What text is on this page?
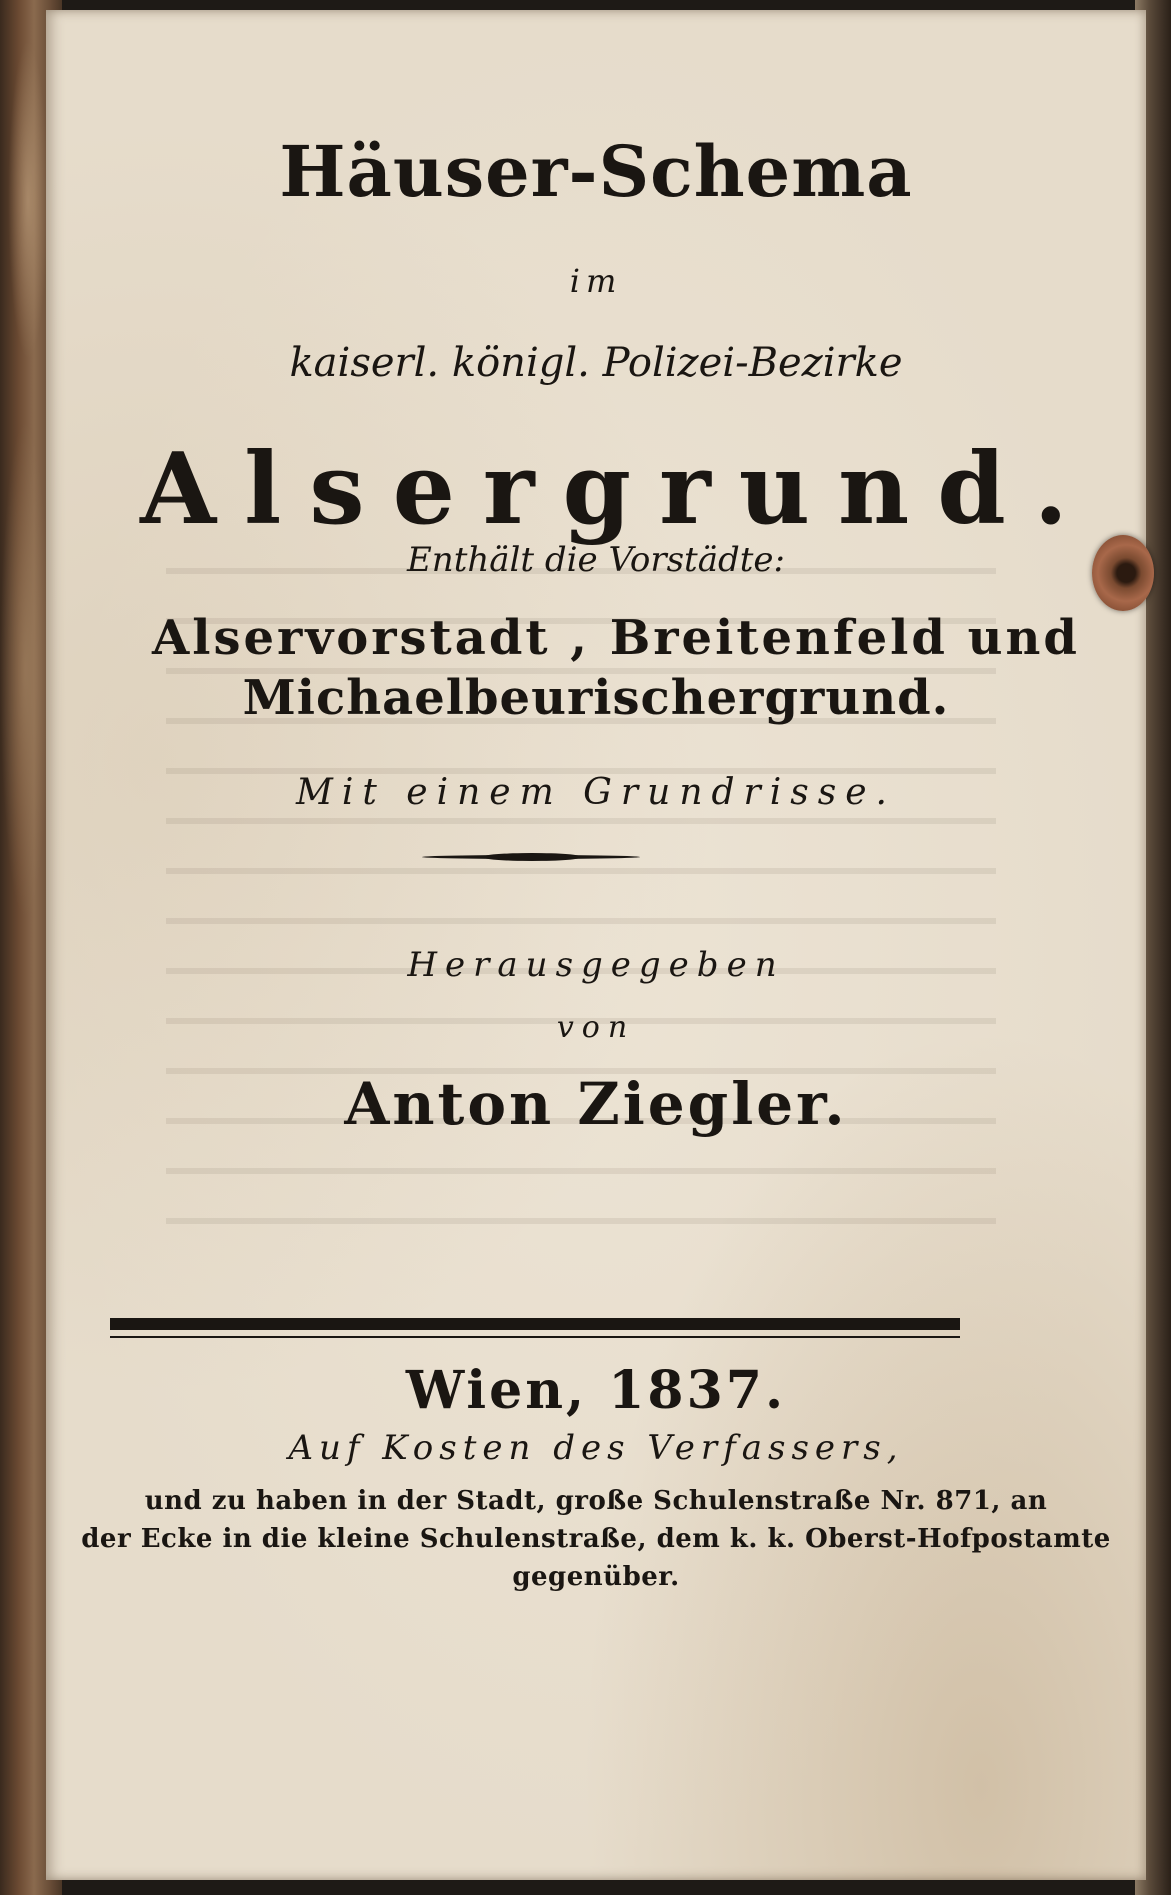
Häuser-Schema

im

kaiserl. königl. Polizei-Bezirke

Alsergrund.

Enthält die Vorstädte:

Alservorstadt , Breitenfeld und

Michaelbeurischergrund.

Mit einem Grundrisse.

Herausgegeben

von

Anton Ziegler.

Wien, 1837.

Auf Kosten des Verfassers,

und zu haben in der Stadt, große Schulenstraße Nr. 871, an

der Ecke in die kleine Schulenstraße, dem k. k. Oberst-Hofpostamte

gegenüber.
